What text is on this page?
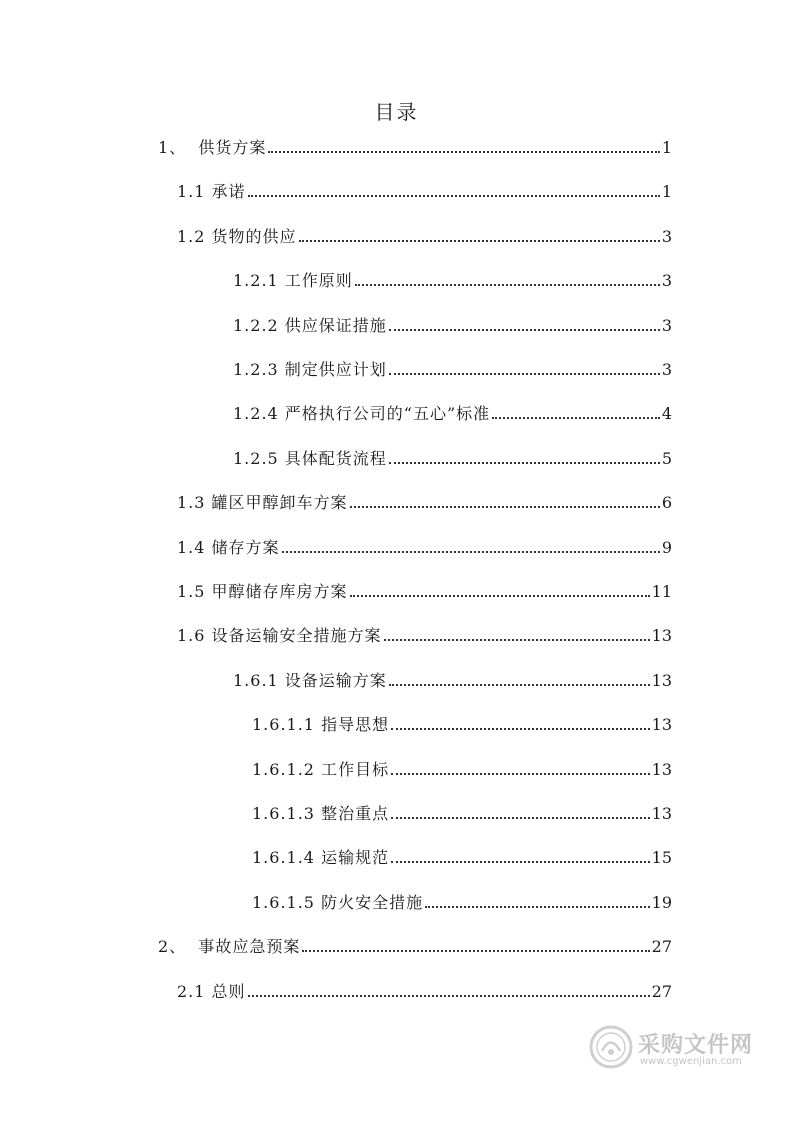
目录
1、 供货方案	1
1.1 承诺	1
1.2 货物的供应	3
1.2.1 工作原则	3
1.2.2 供应保证措施	3
1.2.3 制定供应计划	3
1.2.4 严格执行公司的“五心”标准	4
1.2.5 具体配货流程	5
1.3 罐区甲醇卸车方案	6
1.4 储存方案	9
1.5 甲醇储存库房方案	11
1.6 设备运输安全措施方案	13
1.6.1 设备运输方案	13
1.6.1.1 指导思想	13
1.6.1.2 工作目标	13
1.6.1.3 整治重点	13
1.6.1.4 运输规范	15
1.6.1.5 防火安全措施	19
2、 事故应急预案	27
2.1 总则	27
采购文件网
www.cgwenjian.com
